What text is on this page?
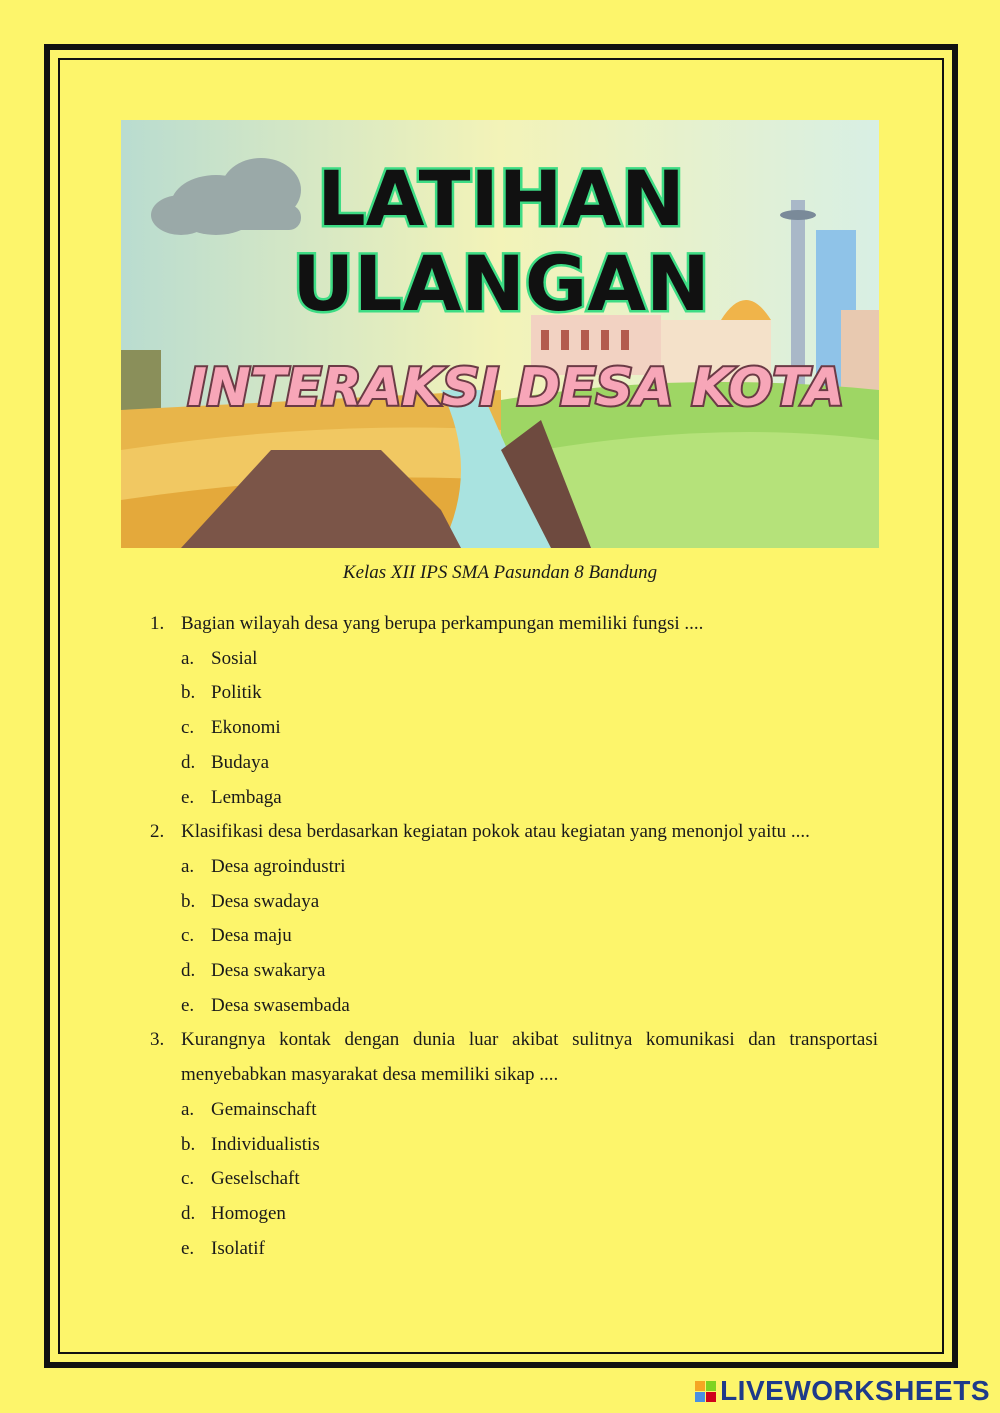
LATIHAN
ULANGAN
INTERAKSI DESA KOTA
Kelas XII IPS SMA Pasundan 8 Bandung
1. Bagian wilayah desa yang berupa perkampungan memiliki fungsi ....
a. Sosial
b. Politik
c. Ekonomi
d. Budaya
e. Lembaga
2. Klasifikasi desa berdasarkan kegiatan pokok atau kegiatan yang menonjol yaitu ....
a. Desa agroindustri
b. Desa swadaya
c. Desa maju
d. Desa swakarya
e. Desa swasembada
3. Kurangnya kontak dengan dunia luar akibat sulitnya komunikasi dan transportasi menyebabkan masyarakat desa memiliki sikap ....
a. Gemainschaft
b. Individualistis
c. Geselschaft
d. Homogen
e. Isolatif
LIVEWORKSHEETS
